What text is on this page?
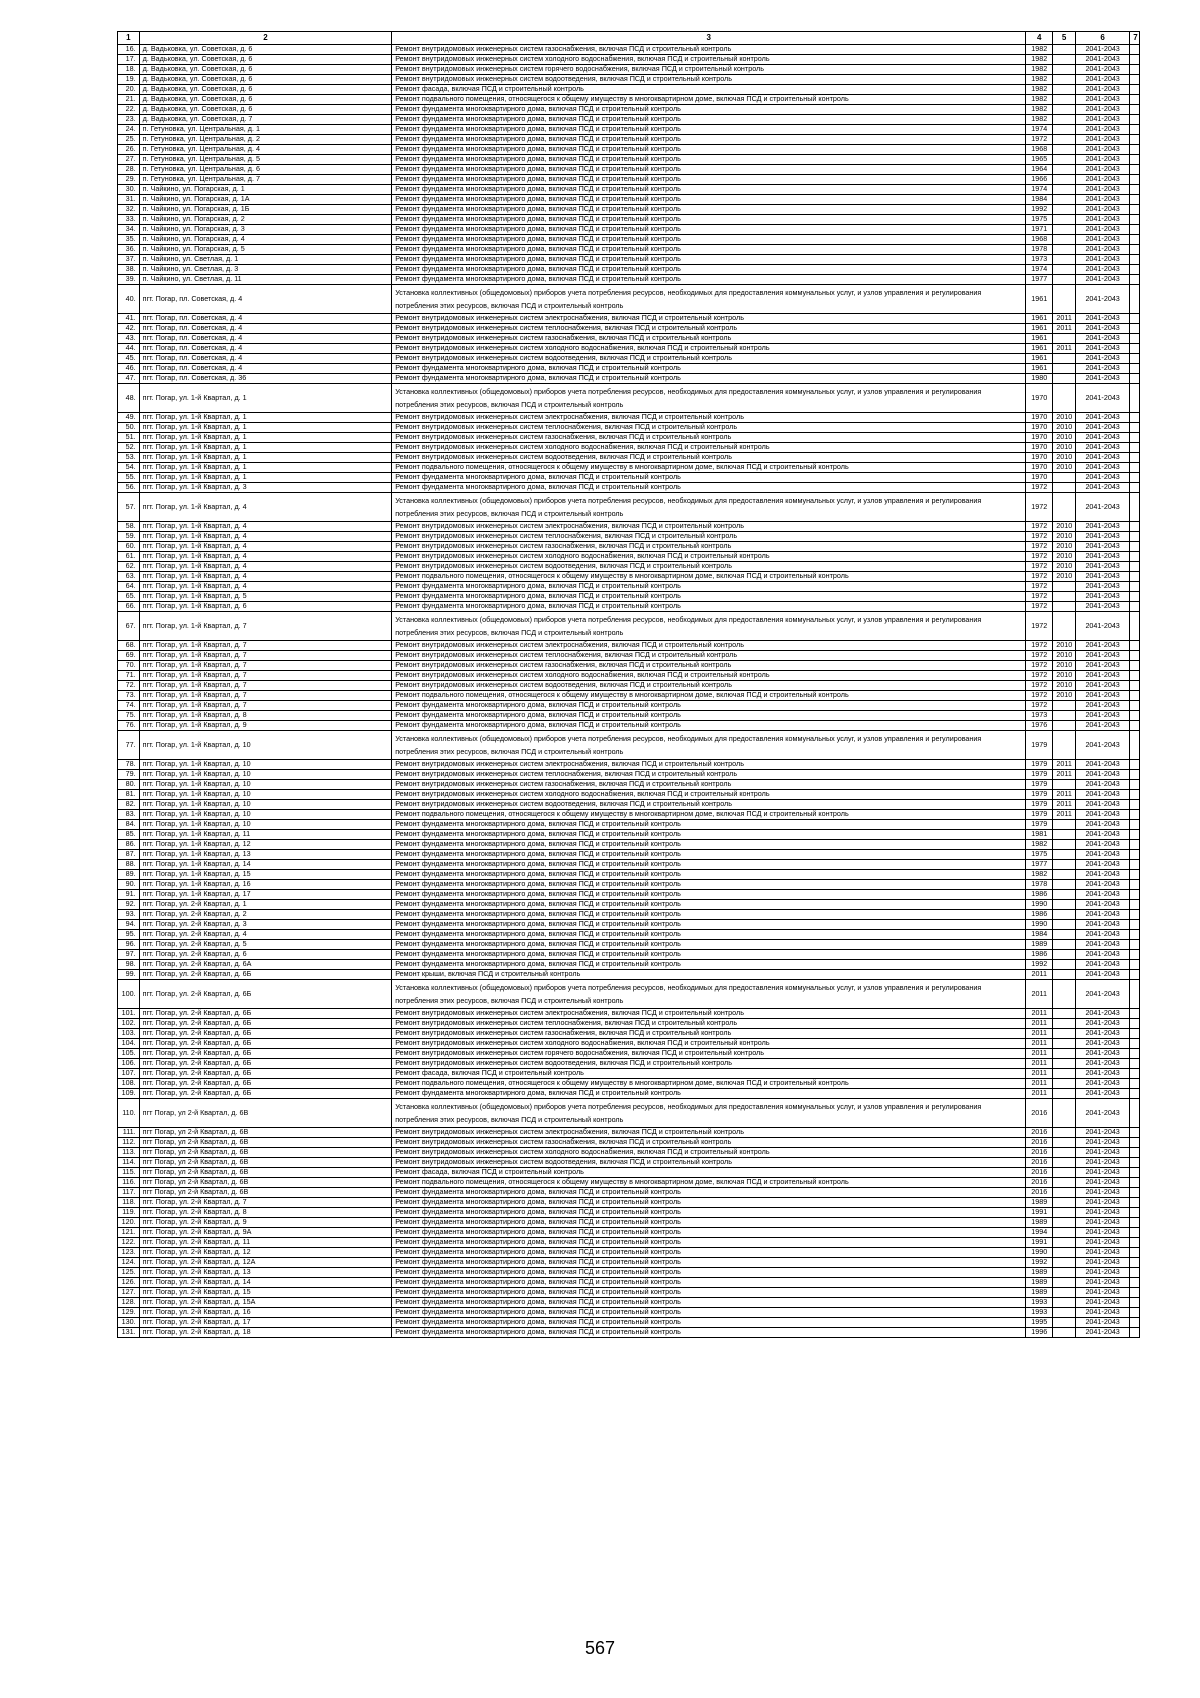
1	2	3	4	5	6	7
16.	д. Вадьковка, ул. Советская, д. 6	Ремонт внутридомовых инженерных систем газоснабжения, включая ПСД и строительный контроль	1982		2041-2043	
17.	д. Вадьковка, ул. Советская, д. 6	Ремонт внутридомовых инженерных систем холодного водоснабжения, включая ПСД и строительный контроль	1982		2041-2043	
18.	д. Вадьковка, ул. Советская, д. 6	Ремонт внутридомовых инженерных систем горячего водоснабжения, включая ПСД и строительный контроль	1982		2041-2043	
19.	д. Вадьковка, ул. Советская, д. 6	Ремонт внутридомовых инженерных систем водоотведения, включая ПСД и строительный контроль	1982		2041-2043	
20.	д. Вадьковка, ул. Советская, д. 6	Ремонт фасада, включая ПСД и строительный контроль	1982		2041-2043	
21.	д. Вадьковка, ул. Советская, д. 6	Ремонт подвального помещения, относящегося к общему имуществу в многоквартирном доме, включая ПСД и строительный контроль	1982		2041-2043	
22.	д. Вадьковка, ул. Советская, д. 6	Ремонт фундамента многоквартирного дома, включая ПСД и строительный контроль	1982		2041-2043	
23.	д. Вадьковка, ул. Советская, д. 7	Ремонт фундамента многоквартирного дома, включая ПСД и строительный контроль	1982		2041-2043	
24.	п. Гетуновка, ул. Центральная, д. 1	Ремонт фундамента многоквартирного дома, включая ПСД и строительный контроль	1974		2041-2043	
25.	п. Гетуновка, ул. Центральная, д. 2	Ремонт фундамента многоквартирного дома, включая ПСД и строительный контроль	1972		2041-2043	
26.	п. Гетуновка, ул. Центральная, д. 4	Ремонт фундамента многоквартирного дома, включая ПСД и строительный контроль	1968		2041-2043	
27.	п. Гетуновка, ул. Центральная, д. 5	Ремонт фундамента многоквартирного дома, включая ПСД и строительный контроль	1965		2041-2043	
28.	п. Гетуновка, ул. Центральная, д. 6	Ремонт фундамента многоквартирного дома, включая ПСД и строительный контроль	1964		2041-2043	
29.	п. Гетуновка, ул. Центральная, д. 7	Ремонт фундамента многоквартирного дома, включая ПСД и строительный контроль	1966		2041-2043	
30.	п. Чайкино, ул. Погарская, д. 1	Ремонт фундамента многоквартирного дома, включая ПСД и строительный контроль	1974		2041-2043	
31.	п. Чайкино, ул. Погарская, д. 1А	Ремонт фундамента многоквартирного дома, включая ПСД и строительный контроль	1984		2041-2043	
32.	п. Чайкино, ул. Погарская, д. 1Б	Ремонт фундамента многоквартирного дома, включая ПСД и строительный контроль	1992		2041-2043	
33.	п. Чайкино, ул. Погарская, д. 2	Ремонт фундамента многоквартирного дома, включая ПСД и строительный контроль	1975		2041-2043	
34.	п. Чайкино, ул. Погарская, д. 3	Ремонт фундамента многоквартирного дома, включая ПСД и строительный контроль	1971		2041-2043	
35.	п. Чайкино, ул. Погарская, д. 4	Ремонт фундамента многоквартирного дома, включая ПСД и строительный контроль	1968		2041-2043	
36.	п. Чайкино, ул. Погарская, д. 5	Ремонт фундамента многоквартирного дома, включая ПСД и строительный контроль	1978		2041-2043	
37.	п. Чайкино, ул. Светлая, д. 1	Ремонт фундамента многоквартирного дома, включая ПСД и строительный контроль	1973		2041-2043	
38.	п. Чайкино, ул. Светлая, д. 3	Ремонт фундамента многоквартирного дома, включая ПСД и строительный контроль	1974		2041-2043	
39.	п. Чайкино, ул. Светлая, д. 11	Ремонт фундамента многоквартирного дома, включая ПСД и строительный контроль	1977		2041-2043	
40.	пгт. Погар, пл. Советская, д. 4	Установка коллективных (общедомовых) приборов учета потребления ресурсов, необходимых для предоставления коммунальных услуг, и узлов управления и регулирования потребления этих ресурсов, включая ПСД и строительный контроль	1961		2041-2043	
41.	пгт. Погар, пл. Советская, д. 4	Ремонт внутридомовых инженерных систем электроснабжения, включая ПСД и строительный контроль	1961	2011	2041-2043	
42.	пгт. Погар, пл. Советская, д. 4	Ремонт внутридомовых инженерных систем теплоснабжения, включая ПСД и строительный контроль	1961	2011	2041-2043	
43.	пгт. Погар, пл. Советская, д. 4	Ремонт внутридомовых инженерных систем газоснабжения, включая ПСД и строительный контроль	1961		2041-2043	
44.	пгт. Погар, пл. Советская, д. 4	Ремонт внутридомовых инженерных систем холодного водоснабжения, включая ПСД и строительный контроль	1961	2011	2041-2043	
45.	пгт. Погар, пл. Советская, д. 4	Ремонт внутридомовых инженерных систем водоотведения, включая ПСД и строительный контроль	1961		2041-2043	
46.	пгт. Погар, пл. Советская, д. 4	Ремонт фундамента многоквартирного дома, включая ПСД и строительный контроль	1961		2041-2043	
47.	пгт. Погар, пл. Советская, д. 36	Ремонт фундамента многоквартирного дома, включая ПСД и строительный контроль	1980		2041-2043	
48.	пгт. Погар, ул. 1-й Квартал, д. 1	Установка коллективных (общедомовых) приборов учета потребления ресурсов, необходимых для предоставления коммунальных услуг, и узлов управления и регулирования потребления этих ресурсов, включая ПСД и строительный контроль	1970		2041-2043	
49.	пгт. Погар, ул. 1-й Квартал, д. 1	Ремонт внутридомовых инженерных систем электроснабжения, включая ПСД и строительный контроль	1970	2010	2041-2043	
50.	пгт. Погар, ул. 1-й Квартал, д. 1	Ремонт внутридомовых инженерных систем теплоснабжения, включая ПСД и строительный контроль	1970	2010	2041-2043	
51.	пгт. Погар, ул. 1-й Квартал, д. 1	Ремонт внутридомовых инженерных систем газоснабжения, включая ПСД и строительный контроль	1970	2010	2041-2043	
52.	пгт. Погар, ул. 1-й Квартал, д. 1	Ремонт внутридомовых инженерных систем холодного водоснабжения, включая ПСД и строительный контроль	1970	2010	2041-2043	
53.	пгт. Погар, ул. 1-й Квартал, д. 1	Ремонт внутридомовых инженерных систем водоотведения, включая ПСД и строительный контроль	1970	2010	2041-2043	
54.	пгт. Погар, ул. 1-й Квартал, д. 1	Ремонт подвального помещения, относящегося к общему имуществу в многоквартирном доме, включая ПСД и строительный контроль	1970	2010	2041-2043	
55.	пгт. Погар, ул. 1-й Квартал, д. 1	Ремонт фундамента многоквартирного дома, включая ПСД и строительный контроль	1970		2041-2043	
56.	пгт. Погар, ул. 1-й Квартал, д. 3	Ремонт фундамента многоквартирного дома, включая ПСД и строительный контроль	1972		2041-2043	
57.	пгт. Погар, ул. 1-й Квартал, д. 4	Установка коллективных (общедомовых) приборов учета потребления ресурсов, необходимых для предоставления коммунальных услуг, и узлов управления и регулирования потребления этих ресурсов, включая ПСД и строительный контроль	1972		2041-2043	
58.	пгт. Погар, ул. 1-й Квартал, д. 4	Ремонт внутридомовых инженерных систем электроснабжения, включая ПСД и строительный контроль	1972	2010	2041-2043	
59.	пгт. Погар, ул. 1-й Квартал, д. 4	Ремонт внутридомовых инженерных систем теплоснабжения, включая ПСД и строительный контроль	1972	2010	2041-2043	
60.	пгт. Погар, ул. 1-й Квартал, д. 4	Ремонт внутридомовых инженерных систем газоснабжения, включая ПСД и строительный контроль	1972	2010	2041-2043	
61.	пгт. Погар, ул. 1-й Квартал, д. 4	Ремонт внутридомовых инженерных систем холодного водоснабжения, включая ПСД и строительный контроль	1972	2010	2041-2043	
62.	пгт. Погар, ул. 1-й Квартал, д. 4	Ремонт внутридомовых инженерных систем водоотведения, включая ПСД и строительный контроль	1972	2010	2041-2043	
63.	пгт. Погар, ул. 1-й Квартал, д. 4	Ремонт подвального помещения, относящегося к общему имуществу в многоквартирном доме, включая ПСД и строительный контроль	1972	2010	2041-2043	
64.	пгт. Погар, ул. 1-й Квартал, д. 4	Ремонт фундамента многоквартирного дома, включая ПСД и строительный контроль	1972		2041-2043	
65.	пгт. Погар, ул. 1-й Квартал, д. 5	Ремонт фундамента многоквартирного дома, включая ПСД и строительный контроль	1972		2041-2043	
66.	пгт. Погар, ул. 1-й Квартал, д. 6	Ремонт фундамента многоквартирного дома, включая ПСД и строительный контроль	1972		2041-2043	
67.	пгт. Погар, ул. 1-й Квартал, д. 7	Установка коллективных (общедомовых) приборов учета потребления ресурсов, необходимых для предоставления коммунальных услуг, и узлов управления и регулирования потребления этих ресурсов, включая ПСД и строительный контроль	1972		2041-2043	
68.	пгт. Погар, ул. 1-й Квартал, д. 7	Ремонт внутридомовых инженерных систем электроснабжения, включая ПСД и строительный контроль	1972	2010	2041-2043	
69.	пгт. Погар, ул. 1-й Квартал, д. 7	Ремонт внутридомовых инженерных систем теплоснабжения, включая ПСД и строительный контроль	1972	2010	2041-2043	
70.	пгт. Погар, ул. 1-й Квартал, д. 7	Ремонт внутридомовых инженерных систем газоснабжения, включая ПСД и строительный контроль	1972	2010	2041-2043	
71.	пгт. Погар, ул. 1-й Квартал, д. 7	Ремонт внутридомовых инженерных систем холодного водоснабжения, включая ПСД и строительный контроль	1972	2010	2041-2043	
72.	пгт. Погар, ул. 1-й Квартал, д. 7	Ремонт внутридомовых инженерных систем водоотведения, включая ПСД и строительный контроль	1972	2010	2041-2043	
73.	пгт. Погар, ул. 1-й Квартал, д. 7	Ремонт подвального помещения, относящегося к общему имуществу в многоквартирном доме, включая ПСД и строительный контроль	1972	2010	2041-2043	
74.	пгт. Погар, ул. 1-й Квартал, д. 7	Ремонт фундамента многоквартирного дома, включая ПСД и строительный контроль	1972		2041-2043	
75.	пгт. Погар, ул. 1-й Квартал, д. 8	Ремонт фундамента многоквартирного дома, включая ПСД и строительный контроль	1973		2041-2043	
76.	пгт. Погар, ул. 1-й Квартал, д. 9	Ремонт фундамента многоквартирного дома, включая ПСД и строительный контроль	1976		2041-2043	
77.	пгт. Погар, ул. 1-й Квартал, д. 10	Установка коллективных (общедомовых) приборов учета потребления ресурсов, необходимых для предоставления коммунальных услуг, и узлов управления и регулирования потребления этих ресурсов, включая ПСД и строительный контроль	1979		2041-2043	
78.	пгт. Погар, ул. 1-й Квартал, д. 10	Ремонт внутридомовых инженерных систем электроснабжения, включая ПСД и строительный контроль	1979	2011	2041-2043	
79.	пгт. Погар, ул. 1-й Квартал, д. 10	Ремонт внутридомовых инженерных систем теплоснабжения, включая ПСД и строительный контроль	1979	2011	2041-2043	
80.	пгт. Погар, ул. 1-й Квартал, д. 10	Ремонт внутридомовых инженерных систем газоснабжения, включая ПСД и строительный контроль	1979		2041-2043	
81.	пгт. Погар, ул. 1-й Квартал, д. 10	Ремонт внутридомовых инженерных систем холодного водоснабжения, включая ПСД и строительный контроль	1979	2011	2041-2043	
82.	пгт. Погар, ул. 1-й Квартал, д. 10	Ремонт внутридомовых инженерных систем водоотведения, включая ПСД и строительный контроль	1979	2011	2041-2043	
83.	пгт. Погар, ул. 1-й Квартал, д. 10	Ремонт подвального помещения, относящегося к общему имуществу в многоквартирном доме, включая ПСД и строительный контроль	1979	2011	2041-2043	
84.	пгт. Погар, ул. 1-й Квартал, д. 10	Ремонт фундамента многоквартирного дома, включая ПСД и строительный контроль	1979		2041-2043	
85.	пгт. Погар, ул. 1-й Квартал, д. 11	Ремонт фундамента многоквартирного дома, включая ПСД и строительный контроль	1981		2041-2043	
86.	пгт. Погар, ул. 1-й Квартал, д. 12	Ремонт фундамента многоквартирного дома, включая ПСД и строительный контроль	1982		2041-2043	
87.	пгт. Погар, ул. 1-й Квартал, д. 13	Ремонт фундамента многоквартирного дома, включая ПСД и строительный контроль	1975		2041-2043	
88.	пгт. Погар, ул. 1-й Квартал, д. 14	Ремонт фундамента многоквартирного дома, включая ПСД и строительный контроль	1977		2041-2043	
89.	пгт. Погар, ул. 1-й Квартал, д. 15	Ремонт фундамента многоквартирного дома, включая ПСД и строительный контроль	1982		2041-2043	
90.	пгт. Погар, ул. 1-й Квартал, д. 16	Ремонт фундамента многоквартирного дома, включая ПСД и строительный контроль	1978		2041-2043	
91.	пгт. Погар, ул. 1-й Квартал, д. 17	Ремонт фундамента многоквартирного дома, включая ПСД и строительный контроль	1986		2041-2043	
92.	пгт. Погар, ул. 2-й Квартал, д. 1	Ремонт фундамента многоквартирного дома, включая ПСД и строительный контроль	1990		2041-2043	
93.	пгт. Погар, ул. 2-й Квартал, д. 2	Ремонт фундамента многоквартирного дома, включая ПСД и строительный контроль	1986		2041-2043	
94.	пгт. Погар, ул. 2-й Квартал, д. 3	Ремонт фундамента многоквартирного дома, включая ПСД и строительный контроль	1990		2041-2043	
95.	пгт. Погар, ул. 2-й Квартал, д. 4	Ремонт фундамента многоквартирного дома, включая ПСД и строительный контроль	1984		2041-2043	
96.	пгт. Погар, ул. 2-й Квартал, д. 5	Ремонт фундамента многоквартирного дома, включая ПСД и строительный контроль	1989		2041-2043	
97.	пгт. Погар, ул. 2-й Квартал, д. 6	Ремонт фундамента многоквартирного дома, включая ПСД и строительный контроль	1986		2041-2043	
98.	пгт. Погар, ул. 2-й Квартал, д. 6А	Ремонт фундамента многоквартирного дома, включая ПСД и строительный контроль	1992		2041-2043	
99.	пгт. Погар, ул. 2-й Квартал, д. 6Б	Ремонт крыши, включая ПСД и строительный контроль	2011		2041-2043	
100.	пгт. Погар, ул. 2-й Квартал, д. 6Б	Установка коллективных (общедомовых) приборов учета потребления ресурсов, необходимых для предоставления коммунальных услуг, и узлов управления и регулирования потребления этих ресурсов, включая ПСД и строительный контроль	2011		2041-2043	
101.	пгт. Погар, ул. 2-й Квартал, д. 6Б	Ремонт внутридомовых инженерных систем электроснабжения, включая ПСД и строительный контроль	2011		2041-2043	
102.	пгт. Погар, ул. 2-й Квартал, д. 6Б	Ремонт внутридомовых инженерных систем теплоснабжения, включая ПСД и строительный контроль	2011		2041-2043	
103.	пгт. Погар, ул. 2-й Квартал, д. 6Б	Ремонт внутридомовых инженерных систем газоснабжения, включая ПСД и строительный контроль	2011		2041-2043	
104.	пгт. Погар, ул. 2-й Квартал, д. 6Б	Ремонт внутридомовых инженерных систем холодного водоснабжения, включая ПСД и строительный контроль	2011		2041-2043	
105.	пгт. Погар, ул. 2-й Квартал, д. 6Б	Ремонт внутридомовых инженерных систем горячего водоснабжения, включая ПСД и строительный контроль	2011		2041-2043	
106.	пгт. Погар, ул. 2-й Квартал, д. 6Б	Ремонт внутридомовых инженерных систем водоотведения, включая ПСД и строительный контроль	2011		2041-2043	
107.	пгт. Погар, ул. 2-й Квартал, д. 6Б	Ремонт фасада, включая ПСД и строительный контроль	2011		2041-2043	
108.	пгт. Погар, ул. 2-й Квартал, д. 6Б	Ремонт подвального помещения, относящегося к общему имуществу в многоквартирном доме, включая ПСД и строительный контроль	2011		2041-2043	
109.	пгт. Погар, ул. 2-й Квартал, д. 6Б	Ремонт фундамента многоквартирного дома, включая ПСД и строительный контроль	2011		2041-2043	
110.	пгт Погар, ул 2-й Квартал, д. 6В	Установка коллективных (общедомовых) приборов учета потребления ресурсов, необходимых для предоставления коммунальных услуг, и узлов управления и регулирования потребления этих ресурсов, включая ПСД и строительный контроль	2016		2041-2043	
111.	пгт Погар, ул 2-й Квартал, д. 6В	Ремонт внутридомовых инженерных систем электроснабжения, включая ПСД и строительный контроль	2016		2041-2043	
112.	пгт Погар, ул 2-й Квартал, д. 6В	Ремонт внутридомовых инженерных систем газоснабжения, включая ПСД и строительный контроль	2016		2041-2043	
113.	пгт Погар, ул 2-й Квартал, д. 6В	Ремонт внутридомовых инженерных систем холодного водоснабжения, включая ПСД и строительный контроль	2016		2041-2043	
114.	пгт Погар, ул 2-й Квартал, д. 6В	Ремонт внутридомовых инженерных систем водоотведения, включая ПСД и строительный контроль	2016		2041-2043	
115.	пгт Погар, ул 2-й Квартал, д. 6В	Ремонт фасада, включая ПСД и строительный контроль	2016		2041-2043	
116.	пгт Погар, ул 2-й Квартал, д. 6В	Ремонт подвального помещения, относящегося к общему имуществу в многоквартирном доме, включая ПСД и строительный контроль	2016		2041-2043	
117.	пгт Погар, ул 2-й Квартал, д. 6В	Ремонт фундамента многоквартирного дома, включая ПСД и строительный контроль	2016		2041-2043	
118.	пгт. Погар, ул. 2-й Квартал, д. 7	Ремонт фундамента многоквартирного дома, включая ПСД и строительный контроль	1989		2041-2043	
119.	пгт. Погар, ул. 2-й Квартал, д. 8	Ремонт фундамента многоквартирного дома, включая ПСД и строительный контроль	1991		2041-2043	
120.	пгт. Погар, ул. 2-й Квартал, д. 9	Ремонт фундамента многоквартирного дома, включая ПСД и строительный контроль	1989		2041-2043	
121.	пгт. Погар, ул. 2-й Квартал, д. 9А	Ремонт фундамента многоквартирного дома, включая ПСД и строительный контроль	1994		2041-2043	
122.	пгт. Погар, ул. 2-й Квартал, д. 11	Ремонт фундамента многоквартирного дома, включая ПСД и строительный контроль	1991		2041-2043	
123.	пгт. Погар, ул. 2-й Квартал, д. 12	Ремонт фундамента многоквартирного дома, включая ПСД и строительный контроль	1990		2041-2043	
124.	пгт. Погар, ул. 2-й Квартал, д. 12А	Ремонт фундамента многоквартирного дома, включая ПСД и строительный контроль	1992		2041-2043	
125.	пгт. Погар, ул. 2-й Квартал, д. 13	Ремонт фундамента многоквартирного дома, включая ПСД и строительный контроль	1989		2041-2043	
126.	пгт. Погар, ул. 2-й Квартал, д. 14	Ремонт фундамента многоквартирного дома, включая ПСД и строительный контроль	1989		2041-2043	
127.	пгт. Погар, ул. 2-й Квартал, д. 15	Ремонт фундамента многоквартирного дома, включая ПСД и строительный контроль	1989		2041-2043	
128.	пгт. Погар, ул. 2-й Квартал, д. 15А	Ремонт фундамента многоквартирного дома, включая ПСД и строительный контроль	1993		2041-2043	
129.	пгт. Погар, ул. 2-й Квартал, д. 16	Ремонт фундамента многоквартирного дома, включая ПСД и строительный контроль	1993		2041-2043	
130.	пгт. Погар, ул. 2-й Квартал, д. 17	Ремонт фундамента многоквартирного дома, включая ПСД и строительный контроль	1995		2041-2043	
131.	пгт. Погар, ул. 2-й Квартал, д. 18	Ремонт фундамента многоквартирного дома, включая ПСД и строительный контроль	1996		2041-2043	
567
